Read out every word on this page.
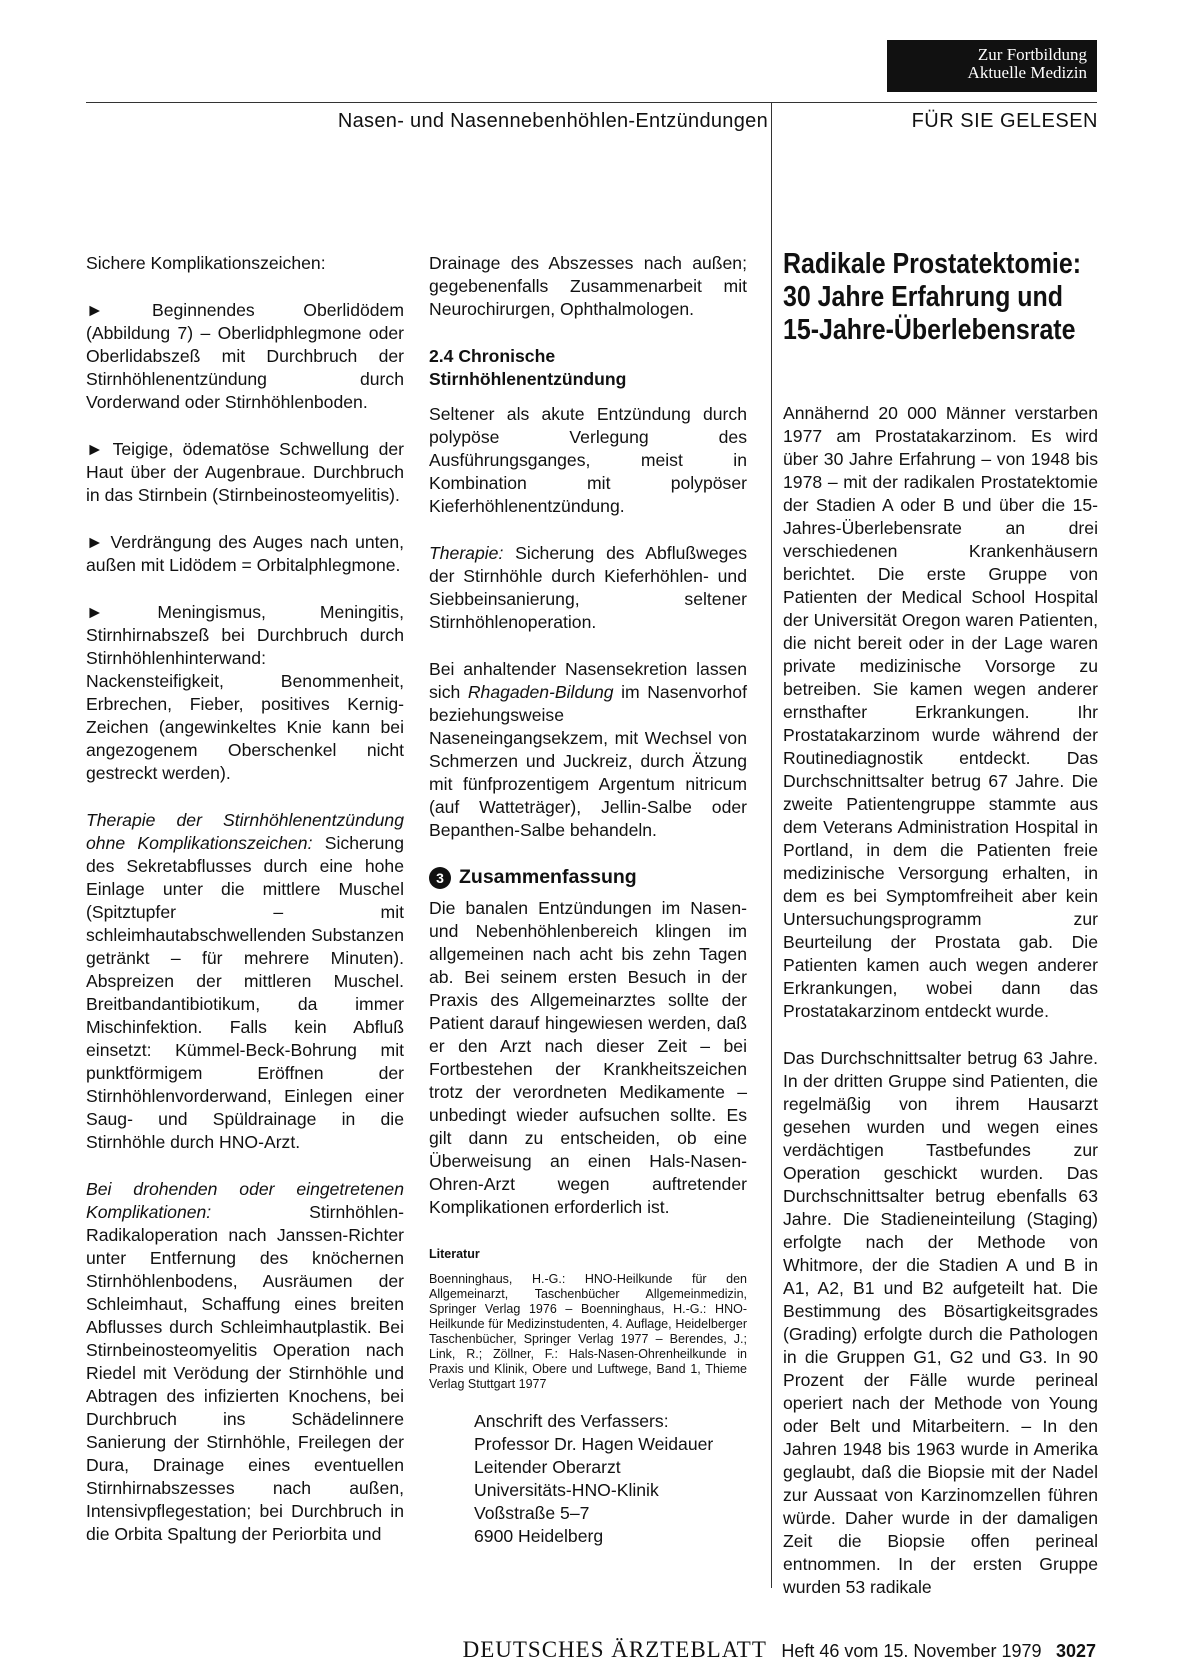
Zur Fortbildung
Aktuelle Medizin
Nasen- und Nasennebenhöhlen-Entzündungen	FÜR SIE GELESEN

Sichere Komplikationszeichen:

►	Beginnendes Oberlidödem (Abbildung 7) – Oberlidphlegmone oder Oberlidabszeß mit Durchbruch der Stirnhöhlenentzündung durch Vorderwand oder Stirnhöhlenboden.

► Teigige, ödematöse Schwellung der Haut über der Augenbraue. Durchbruch in das Stirnbein (Stirnbeinosteomyelitis).

► Verdrängung des Auges nach unten, außen mit Lidödem = Orbitalphlegmone.

►	Meningismus, Meningitis, Stirnhirnabszeß bei Durchbruch durch Stirnhöhlenhinterwand: Nackensteifigkeit, Benommenheit, Erbrechen, Fieber, positives Kernig-Zeichen (angewinkeltes Knie kann bei angezogenem Oberschenkel nicht gestreckt werden).

Therapie der Stirnhöhlenentzündung ohne Komplikationszeichen: Sicherung des Sekretabflusses durch eine hohe Einlage unter die mittlere Muschel (Spitztupfer – mit schleimhautabschwellenden Substanzen getränkt – für mehrere Minuten). Abspreizen der mittleren Muschel. Breitbandantibiotikum, da immer Mischinfektion. Falls kein Abfluß einsetzt: Kümmel-Beck-Bohrung mit punktförmigem Eröffnen der Stirnhöhlenvorderwand, Einlegen einer Saug- und Spüldrainage in die Stirnhöhle durch HNO-Arzt.

Bei drohenden oder eingetretenen Komplikationen: Stirnhöhlen-Radikaloperation nach Janssen-Richter unter Entfernung des knöchernen Stirnhöhlenbodens, Ausräumen der Schleimhaut, Schaffung eines breiten Abflusses durch Schleimhautplastik. Bei Stirnbeinosteomyelitis Operation nach Riedel mit Verödung der Stirnhöhle und Abtragen des infizierten Knochens, bei Durchbruch ins Schädelinnere Sanierung der Stirnhöhle, Freilegen der Dura, Drainage eines eventuellen Stirnhirnabszesses nach außen, Intensivpflegestation; bei Durchbruch in die Orbita Spaltung der Periorbita und

Drainage des Abszesses nach außen; gegebenenfalls Zusammenarbeit mit Neurochirurgen, Ophthalmologen.

2.4 Chronische
Stirnhöhlenentzündung

Seltener als akute Entzündung durch polypöse Verlegung des Ausführungsganges, meist in Kombination mit polypöser Kieferhöhlenentzündung.

Therapie: Sicherung des Abflußweges der Stirnhöhle durch Kieferhöhlen- und Siebbeinsanierung, seltener Stirnhöhlenoperation.

Bei anhaltender Nasensekretion lassen sich Rhagaden-Bildung im Nasenvorhof beziehungsweise Naseneingangsekzem, mit Wechsel von Schmerzen und Juckreiz, durch Ätzung mit fünfprozentigem Argentum nitricum (auf Watteträger), Jellin-Salbe oder Bepanthen-Salbe behandeln.

3 Zusammenfassung

Die banalen Entzündungen im Nasen- und Nebenhöhlenbereich klingen im allgemeinen nach acht bis zehn Tagen ab. Bei seinem ersten Besuch in der Praxis des Allgemeinarztes sollte der Patient darauf hingewiesen werden, daß er den Arzt nach dieser Zeit – bei Fortbestehen der Krankheitszeichen trotz der verordneten Medikamente – unbedingt wieder aufsuchen sollte. Es gilt dann zu entscheiden, ob eine Überweisung an einen Hals-Nasen-Ohren-Arzt wegen auftretender Komplikationen erforderlich ist.

Literatur

Boenninghaus, H.-G.: HNO-Heilkunde für den Allgemeinarzt, Taschenbücher Allgemeinmedizin, Springer Verlag 1976 – Boenninghaus, H.-G.: HNO-Heilkunde für Medizinstudenten, 4. Auflage, Heidelberger Taschenbücher, Springer Verlag 1977 – Berendes, J.; Link, R.; Zöllner, F.: Hals-Nasen-Ohrenheilkunde in Praxis und Klinik, Obere und Luftwege, Band 1, Thieme Verlag Stuttgart 1977

Anschrift des Verfassers:
Professor Dr. Hagen Weidauer
Leitender Oberarzt
Universitäts-HNO-Klinik
Voßstraße 5–7
6900 Heidelberg
Radikale Prostatektomie:
30 Jahre Erfahrung und
15-Jahre-Überlebensrate

Annähernd 20 000 Männer verstarben 1977 am Prostatakarzinom. Es wird über 30 Jahre Erfahrung – von 1948 bis 1978 – mit der radikalen Prostatektomie der Stadien A oder B und über die 15-Jahres-Überlebensrate an drei verschiedenen Krankenhäusern berichtet. Die erste Gruppe von Patienten der Medical School Hospital der Universität Oregon waren Patienten, die nicht bereit oder in der Lage waren private medizinische Vorsorge zu betreiben. Sie kamen wegen anderer ernsthafter Erkrankungen. Ihr Prostatakarzinom wurde während der Routinediagnostik entdeckt. Das Durchschnittsalter betrug 67 Jahre. Die zweite Patientengruppe stammte aus dem Veterans Administration Hospital in Portland, in dem die Patienten freie medizinische Versorgung erhalten, in dem es bei Symptomfreiheit aber kein Untersuchungsprogramm zur Beurteilung der Prostata gab. Die Patienten kamen auch wegen anderer Erkrankungen, wobei dann das Prostatakarzinom entdeckt wurde.

Das Durchschnittsalter betrug 63 Jahre. In der dritten Gruppe sind Patienten, die regelmäßig von ihrem Hausarzt gesehen wurden und wegen eines verdächtigen Tastbefundes zur Operation geschickt wurden. Das Durchschnittsalter betrug ebenfalls 63 Jahre. Die Stadieneinteilung (Staging) erfolgte nach der Methode von Whitmore, der die Stadien A und B in A1, A2, B1 und B2 aufgeteilt hat. Die Bestimmung des Bösartigkeitsgrades (Grading) erfolgte durch die Pathologen in die Gruppen G1, G2 und G3. In 90 Prozent der Fälle wurde perineal operiert nach der Methode von Young oder Belt und Mitarbeitern. – In den Jahren 1948 bis 1963 wurde in Amerika geglaubt, daß die Biopsie mit der Nadel zur Aussaat von Karzinomzellen führen würde. Daher wurde in der damaligen Zeit die Biopsie offen perineal entnommen. In der ersten Gruppe wurden 53 radikale

DEUTSCHES ÄRZTEBLATT Heft 46 vom 15. November 1979 3027
